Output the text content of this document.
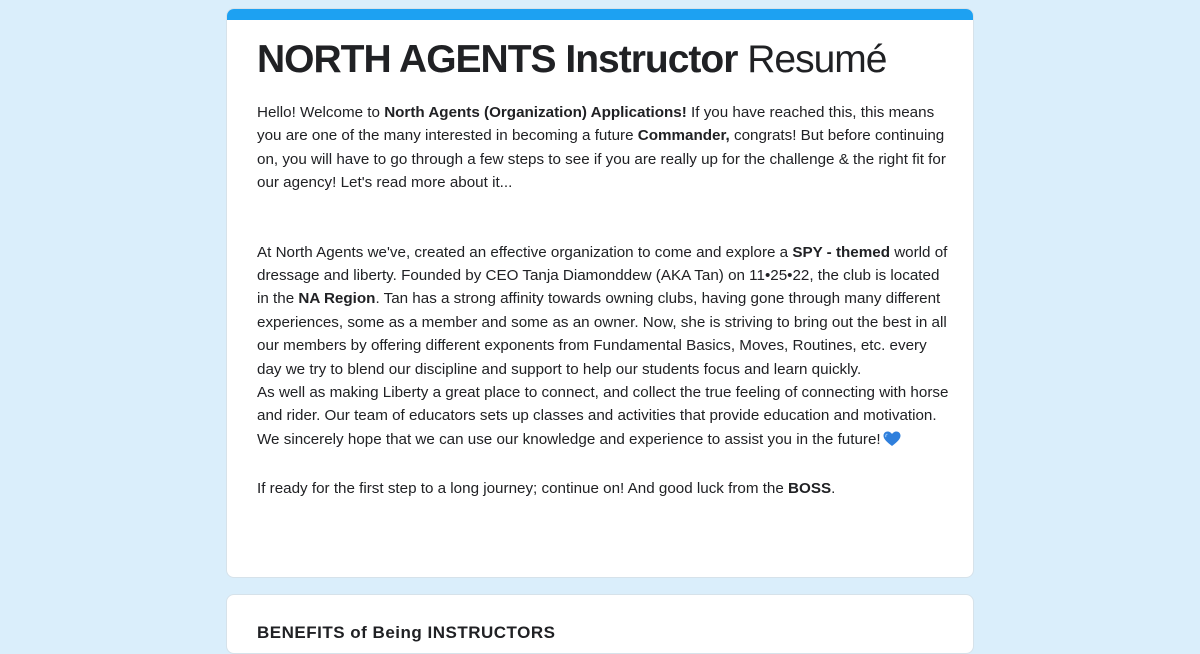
NORTH AGENTS Instructor Resumé

Hello! Welcome to North Agents (Organization) Applications! If you have reached this, this means you are one of the many interested in becoming a future Commander, congrats! But before continuing on, you will have to go through a few steps to see if you are really up for the challenge & the right fit for our agency! Let's read more about it...

At North Agents we've, created an effective organization to come and explore a SPY - themed world of dressage and liberty. Founded by CEO Tanja Diamonddew (AKA Tan) on 11•25•22, the club is located in the NA Region. Tan has a strong affinity towards owning clubs, having gone through many different experiences, some as a member and some as an owner. Now, she is striving to bring out the best in all our members by offering different exponents from Fundamental Basics, Moves, Routines, etc. every day we try to blend our discipline and support to help our students focus and learn quickly.

As well as making Liberty a great place to connect, and collect the true feeling of connecting with horse and rider. Our team of educators sets up classes and activities that provide education and motivation. We sincerely hope that we can use our knowledge and experience to assist you in the future!

If ready for the first step to a long journey; continue on! And good luck from the BOSS.

BENEFITS of Being INSTRUCTORS
